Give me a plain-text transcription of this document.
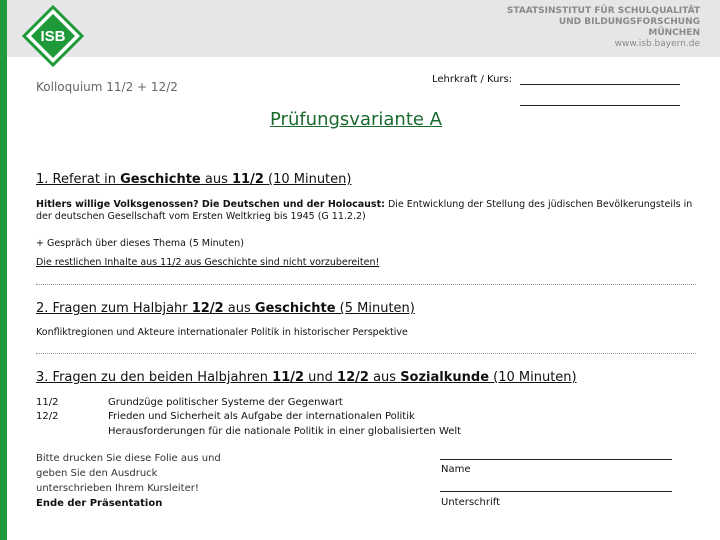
ISB
STAATSINSTITUT FÜR SCHULQUALITÄT
UND BILDUNGSFORSCHUNG
MÜNCHEN
www.isb.bayern.de
Kolloquium 11/2 + 12/2
Lehrkraft / Kurs:
Prüfungsvariante A
1. Referat in Geschichte aus 11/2 (10 Minuten)
Hitlers willige Volksgenossen? Die Deutschen und der Holocaust: Die Entwicklung der Stellung des jüdischen Bevölkerungsteils in der deutschen Gesellschaft vom Ersten Weltkrieg bis 1945 (G 11.2.2)
+ Gespräch über dieses Thema (5 Minuten)
Die restlichen Inhalte aus 11/2 aus Geschichte sind nicht vorzubereiten!
2. Fragen zum Halbjahr 12/2 aus Geschichte (5 Minuten)
Konfliktregionen und Akteure internationaler Politik in historischer Perspektive
3. Fragen zu den beiden Halbjahren 11/2 und 12/2 aus Sozialkunde (10 Minuten)
11/2
12/2
Grundzüge politischer Systeme der Gegenwart
Frieden und Sicherheit als Aufgabe der internationalen Politik
Herausforderungen für die nationale Politik in einer globalisierten Welt
Bitte drucken Sie diese Folie aus und
geben Sie den Ausdruck
unterschrieben Ihrem Kursleiter!
Ende der Präsentation
Name
Unterschrift
